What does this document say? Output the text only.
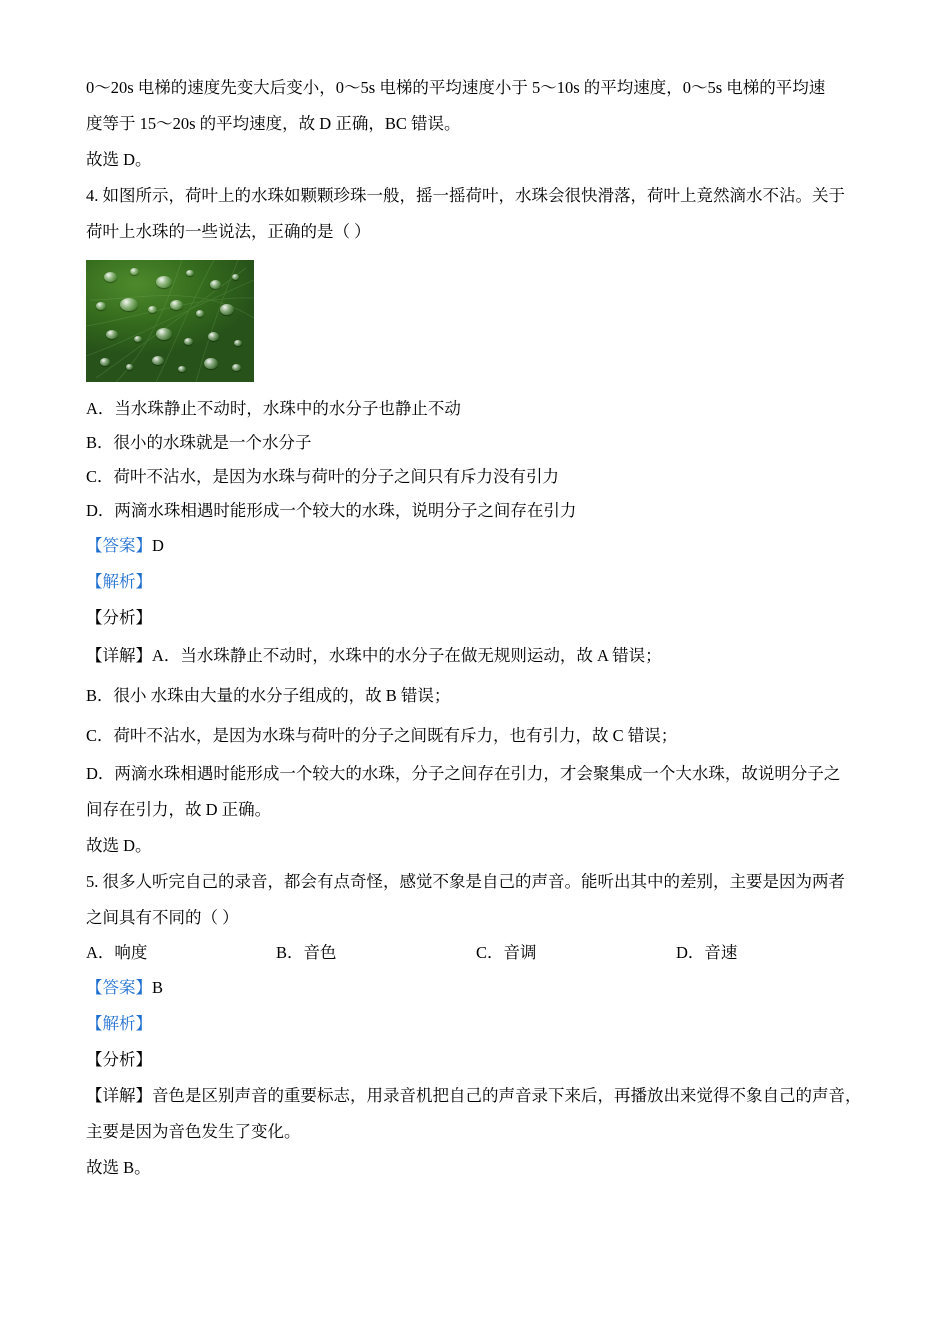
0～20s 电梯的速度先变大后变小，0～5s 电梯的平均速度小于 5～10s 的平均速度，0～5s 电梯的平均速

度等于 15～20s 的平均速度，故 D 正确，BC 错误。

故选 D。

4. 如图所示，荷叶上的水珠如颗颗珍珠一般，摇一摇荷叶，水珠会很快滑落，荷叶上竟然滴水不沾。关于

荷叶上水珠的一些说法，正确的是（ ）

A．当水珠静止不动时，水珠中的水分子也静止不动

B．很小的水珠就是一个水分子

C．荷叶不沾水，是因为水珠与荷叶的分子之间只有斥力没有引力

D．两滴水珠相遇时能形成一个较大的水珠，说明分子之间存在引力

【答案】D

【解析】

【分析】

【详解】A．当水珠静止不动时，水珠中的水分子在做无规则运动，故 A 错误；

B．很小 水珠由大量的水分子组成的，故 B 错误；

C．荷叶不沾水，是因为水珠与荷叶的分子之间既有斥力，也有引力，故 C 错误；

D．两滴水珠相遇时能形成一个较大的水珠，分子之间存在引力，才会聚集成一个大水珠，故说明分子之

间存在引力，故 D 正确。

故选 D。

5. 很多人听完自己的录音，都会有点奇怪，感觉不象是自己的声音。能听出其中的差别，主要是因为两者

之间具有不同的（ ）

A．响度	B．音色	C．音调	D．音速

【答案】B

【解析】

【分析】

【详解】音色是区别声音的重要标志，用录音机把自己的声音录下来后，再播放出来觉得不象自己的声音，

主要是因为音色发生了变化。

故选 B。
